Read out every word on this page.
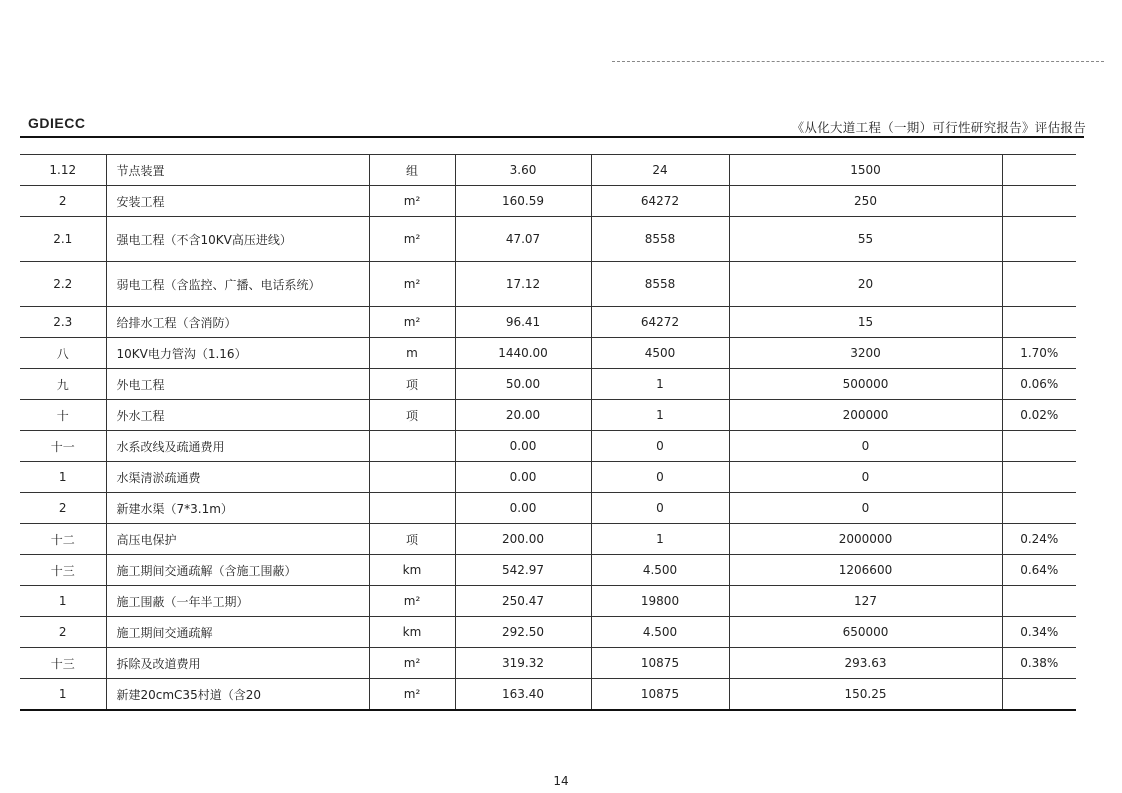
GDIECC	《从化大道工程（一期）可行性研究报告》评估报告
1.12	节点装置	组	3.60	24	1500	
2	安装工程	m²	160.59	64272	250	
2.1	强电工程（不含10KV高压进线）	m²	47.07	8558	55	
2.2	弱电工程（含监控、广播、电话系统）	m²	17.12	8558	20	
2.3	给排水工程（含消防）	m²	96.41	64272	15	
八	10KV电力管沟（1.16）	m	1440.00	4500	3200	1.70%
九	外电工程	项	50.00	1	500000	0.06%
十	外水工程	项	20.00	1	200000	0.02%
十一	水系改线及疏通费用		0.00	0	0	
1	水渠清淤疏通费		0.00	0	0	
2	新建水渠（7*3.1m）		0.00	0	0	
十二	高压电保护	项	200.00	1	2000000	0.24%
十三	施工期间交通疏解（含施工围蔽）	km	542.97	4.500	1206600	0.64%
1	施工围蔽（一年半工期）	m²	250.47	19800	127	
2	施工期间交通疏解	km	292.50	4.500	650000	0.34%
十三	拆除及改道费用	m²	319.32	10875	293.63	0.38%
1	新建20cmC35村道（含20	m²	163.40	10875	150.25	
14
